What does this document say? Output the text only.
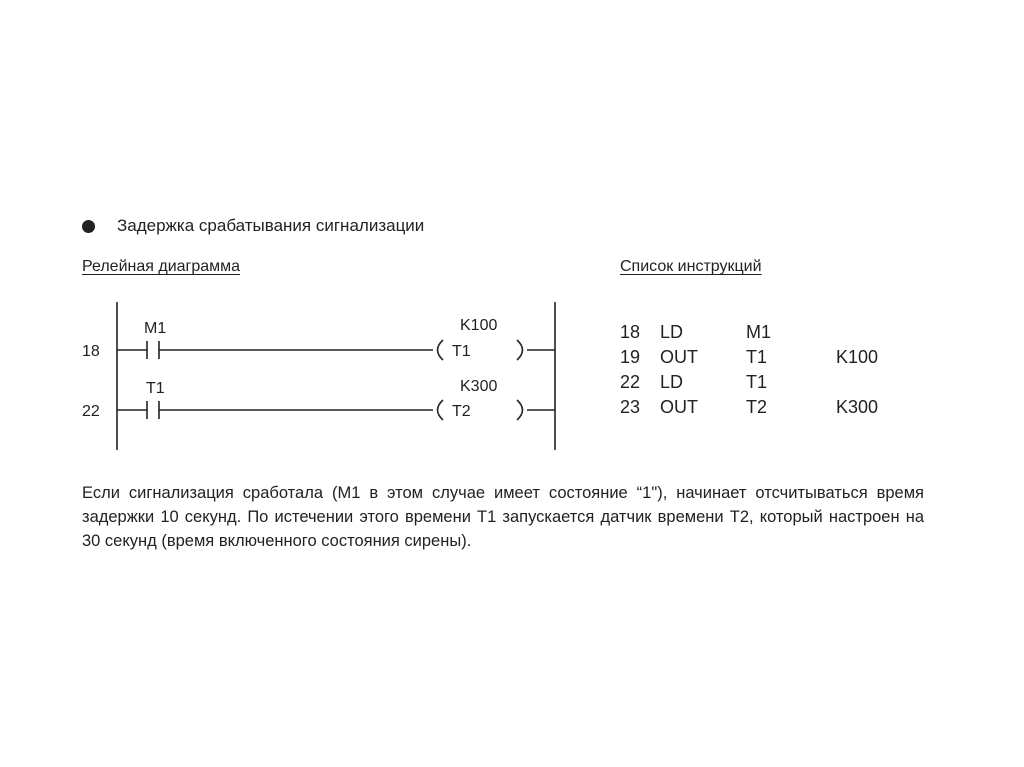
Задержка срабатывания сигнализации
Релейная диаграмма	Список инструкций
18
M1
T1
K100
22
T1
T2
K300
18	LD	M1	
19	OUT	T1	K100
22	LD	T1	
23	OUT	T2	K300

Если сигнализация сработала (M1 в этом случае имеет состояние “1"), начинает отсчитываться время задержки 10 секунд. По истечении этого времени T1 запускается датчик времени T2, который настроен на 30 секунд (время включенного состояния сирены).
